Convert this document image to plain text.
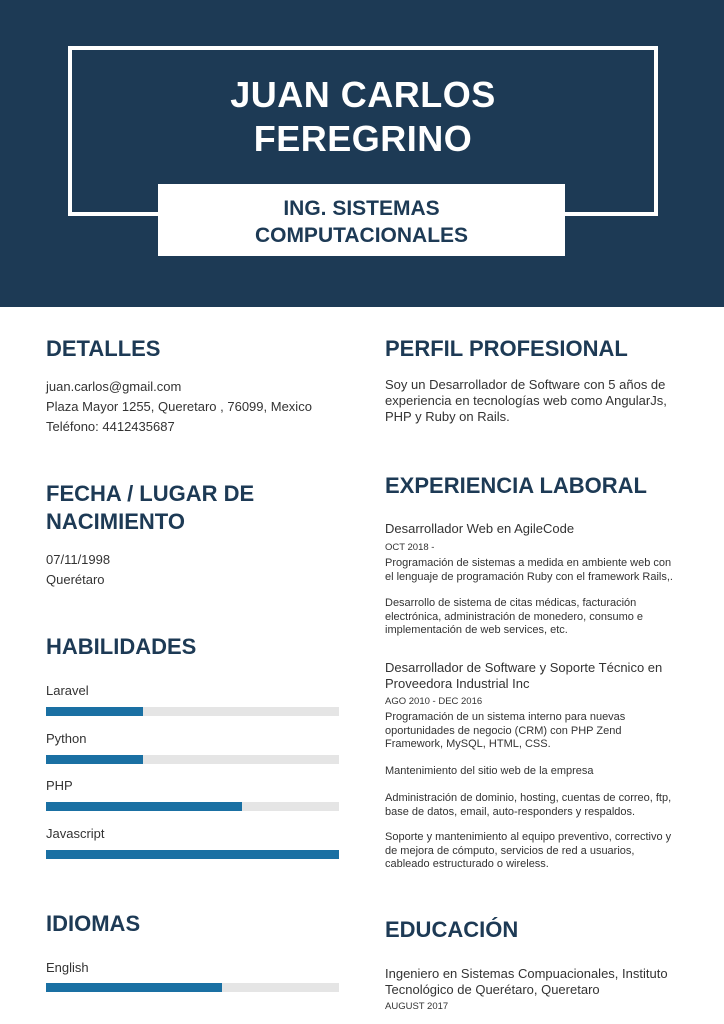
JUAN CARLOS
FEREGRINO
ING. SISTEMAS
COMPUTACIONALES
DETALLES
juan.carlos@gmail.com
Plaza Mayor 1255, Queretaro , 76099, Mexico
Teléfono: 4412435687
FECHA / LUGAR DE
NACIMIENTO
07/11/1998
Querétaro
HABILIDADES
Laravel
Python
PHP
Javascript
IDIOMAS
English
PERFIL PROFESIONAL
Soy un Desarrollador de Software con 5 años de
experiencia en tecnologías web como AngularJs,
PHP y Ruby on Rails.
EXPERIENCIA LABORAL
Desarrollador Web en AgileCode
OCT 2018 -
Programación de sistemas a medida en ambiente web con
el lenguaje de programación Ruby con el framework Rails,.
Desarrollo de sistema de citas médicas, facturación
electrónica, administración de monedero, consumo e
implementación de web services, etc.
Desarrollador de Software y Soporte Técnico en
Proveedora Industrial Inc
AGO 2010 - DEC 2016
Programación de un sistema interno para nuevas
oportunidades de negocio (CRM) con PHP Zend
Framework, MySQL, HTML, CSS.
Mantenimiento del sitio web de la empresa
Administración de dominio, hosting, cuentas de correo, ftp,
base de datos, email, auto-responders y respaldos.
Soporte y mantenimiento al equipo preventivo, correctivo y
de mejora de cómputo, servicios de red a usuarios,
cableado estructurado o wireless.
EDUCACIÓN
Ingeniero en Sistemas Compuacionales, Instituto
Tecnológico de Querétaro, Queretaro
AUGUST 2017
